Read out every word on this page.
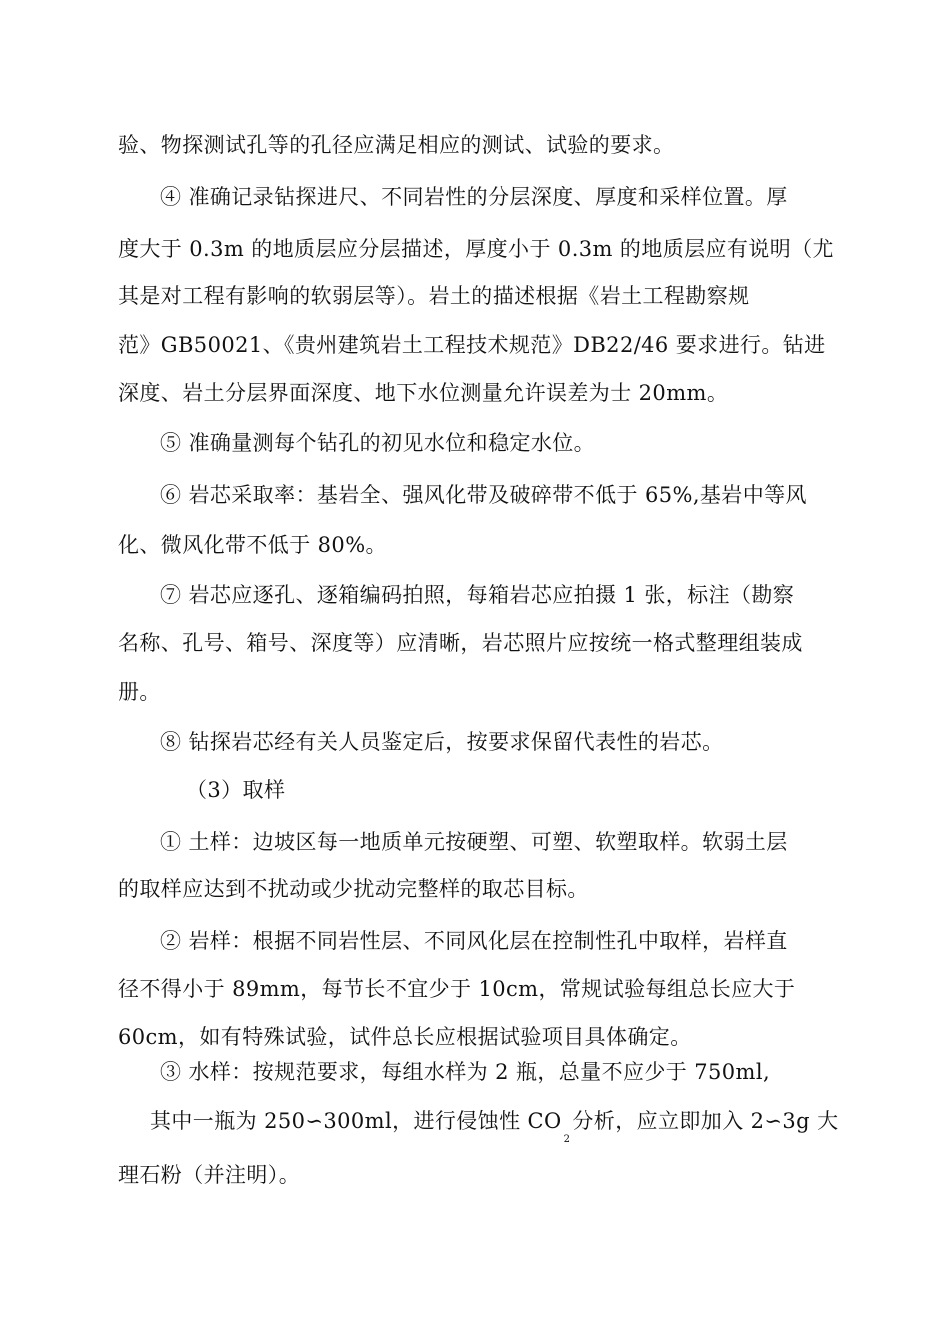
验、物探测试孔等的孔径应满足相应的测试、试验的要求。
④ 准确记录钻探进尺、不同岩性的分层深度、厚度和采样位置。厚
度大于 0.3m 的地质层应分层描述，厚度小于 0.3m 的地质层应有说明（尤
其是对工程有影响的软弱层等）。岩土的描述根据《岩土工程勘察规
范》GB50021、《贵州建筑岩土工程技术规范》DB22/46 要求进行。钻进
深度、岩土分层界面深度、地下水位测量允许误差为士 20mm。
⑤ 准确量测每个钻孔的初见水位和稳定水位。
⑥ 岩芯采取率：基岩全、强风化带及破碎带不低于 65%,基岩中等风
化、微风化带不低于 80%。
⑦ 岩芯应逐孔、逐箱编码拍照，每箱岩芯应拍摄 1 张，标注（勘察
名称、孔号、箱号、深度等）应清晰，岩芯照片应按统一格式整理组装成
册。
⑧ 钻探岩芯经有关人员鉴定后，按要求保留代表性的岩芯。
（3）取样
① 土样：边坡区每一地质单元按硬塑、可塑、软塑取样。软弱土层
的取样应达到不扰动或少扰动完整样的取芯目标。
② 岩样：根据不同岩性层、不同风化层在控制性孔中取样，岩样直
径不得小于 89mm，每节长不宜少于 10cm，常规试验每组总长应大于
60cm，如有特殊试验，试件总长应根据试验项目具体确定。
③ 水样：按规范要求，每组水样为 2 瓶，总量不应少于 750ml,
其中一瓶为 250∽300ml，进行侵蚀性 $CO_2$分析，应立即加入 2∽3g 大
理石粉（并注明）。
